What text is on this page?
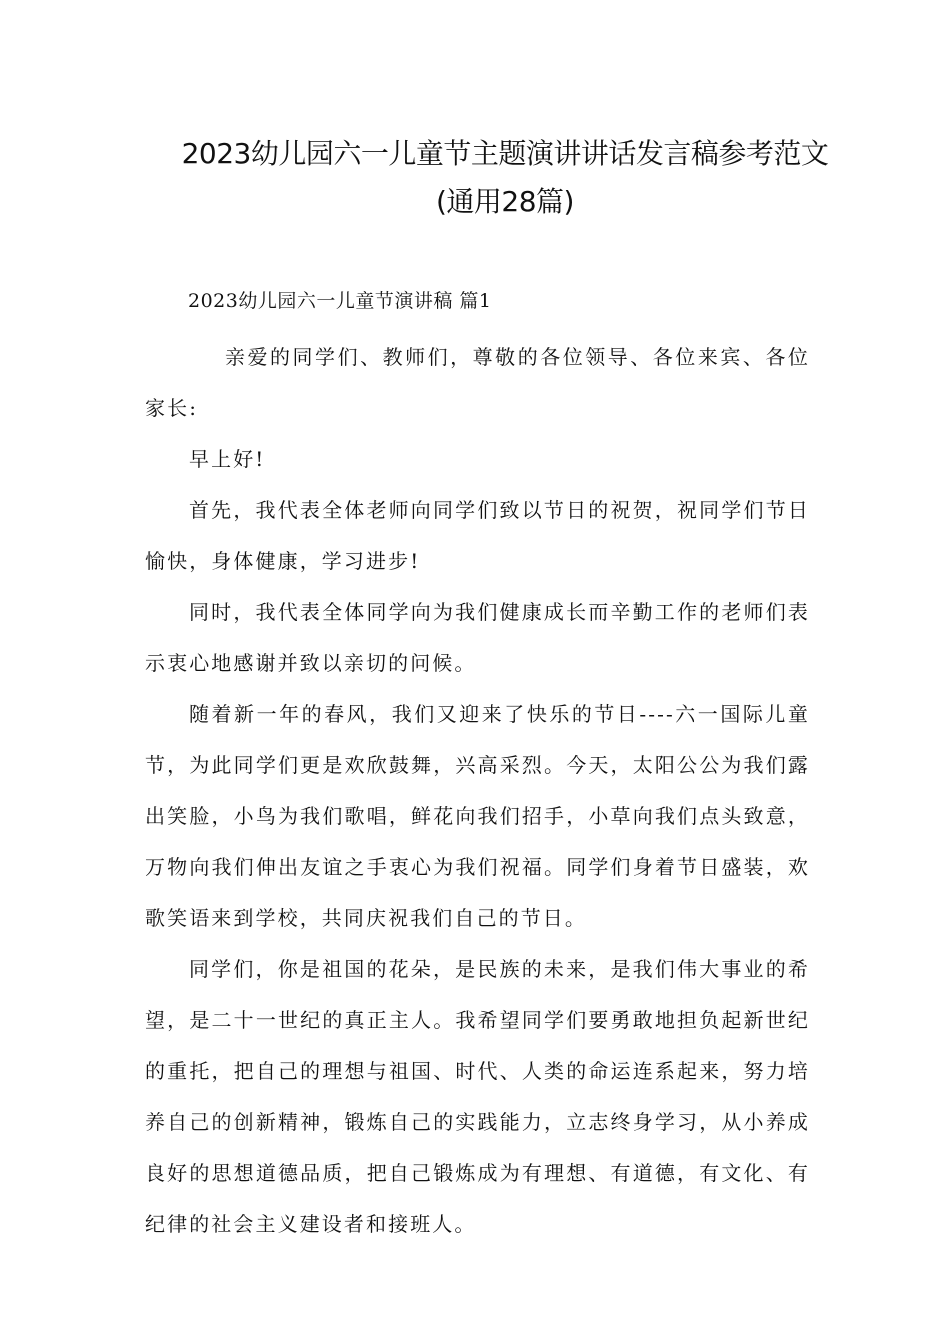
2023幼儿园六一儿童节主题演讲讲话发言稿参考范文
(通用28篇)
2023幼儿园六一儿童节演讲稿 篇1

亲爱的同学们、教师们，尊敬的各位领导、各位来宾、各位家长:

早上好!

首先，我代表全体老师向同学们致以节日的祝贺，祝同学们节日愉快，身体健康，学习进步!

同时，我代表全体同学向为我们健康成长而辛勤工作的老师们表示衷心地感谢并致以亲切的问候。

随着新一年的春风，我们又迎来了快乐的节日----六一国际儿童节，为此同学们更是欢欣鼓舞，兴高采烈。今天，太阳公公为我们露出笑脸，小鸟为我们歌唱，鲜花向我们招手，小草向我们点头致意，万物向我们伸出友谊之手衷心为我们祝福。同学们身着节日盛装，欢歌笑语来到学校，共同庆祝我们自己的节日。

同学们，你是祖国的花朵，是民族的未来，是我们伟大事业的希望，是二十一世纪的真正主人。我希望同学们要勇敢地担负起新世纪的重托，把自己的理想与祖国、时代、人类的命运连系起来，努力培养自己的创新精神，锻炼自己的实践能力，立志终身学习，从小养成良好的思想道德品质，把自己锻炼成为有理想、有道德，有文化、有纪律的社会主义建设者和接班人。
